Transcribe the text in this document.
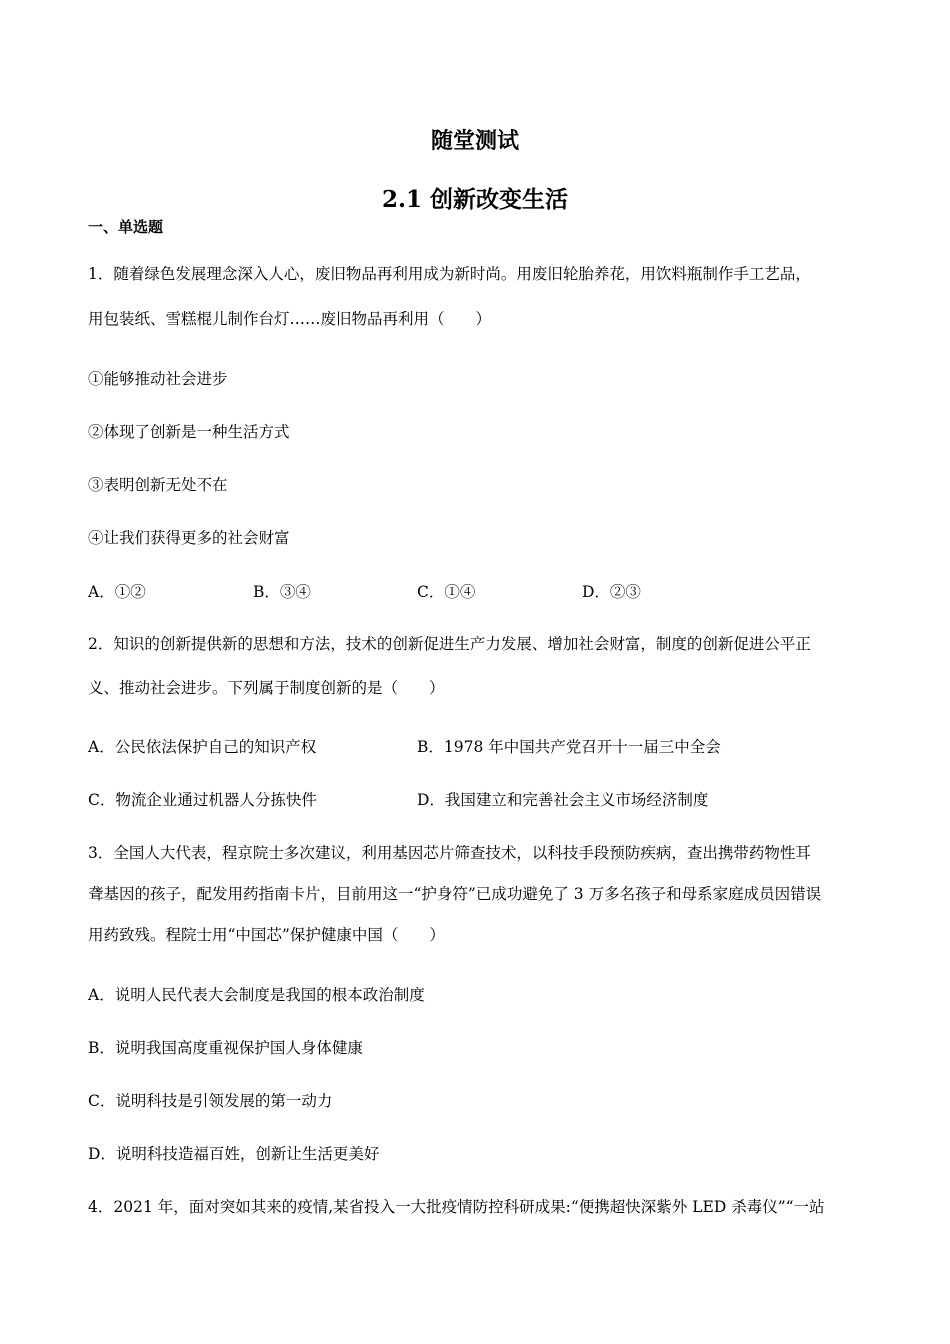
随堂测试
2.1 创新改变生活

一、单选题

1．随着绿色发展理念深入人心，废旧物品再利用成为新时尚。用废旧轮胎养花，用饮料瓶制作手工艺品，

用包装纸、雪糕棍儿制作台灯……废旧物品再利用（　　）

①能够推动社会进步

②体现了创新是一种生活方式

③表明创新无处不在

④让我们获得更多的社会财富

A．①②	B．③④	C．①④	D．②③

2．知识的创新提供新的思想和方法，技术的创新促进生产力发展、增加社会财富，制度的创新促进公平正

义、推动社会进步。下列属于制度创新的是（　　）

A．公民依法保护自己的知识产权	B．1978 年中国共产党召开十一届三中全会
C．物流企业通过机器人分拣快件	D．我国建立和完善社会主义市场经济制度

3．全国人大代表，程京院士多次建议，利用基因芯片筛查技术，以科技手段预防疾病，查出携带药物性耳

聋基因的孩子，配发用药指南卡片，目前用这一“护身符”已成功避免了 3 万多名孩子和母系家庭成员因错误

用药致残。程院士用“中国芯”保护健康中国（　　）

A．说明人民代表大会制度是我国的根本政治制度

B．说明我国高度重视保护国人身体健康

C．说明科技是引领发展的第一动力

D．说明科技造福百姓，创新让生活更美好

4．2021 年，面对突如其来的疫情,某省投入一大批疫情防控科研成果:“便携超快深紫外 LED 杀毒仪”“一站
